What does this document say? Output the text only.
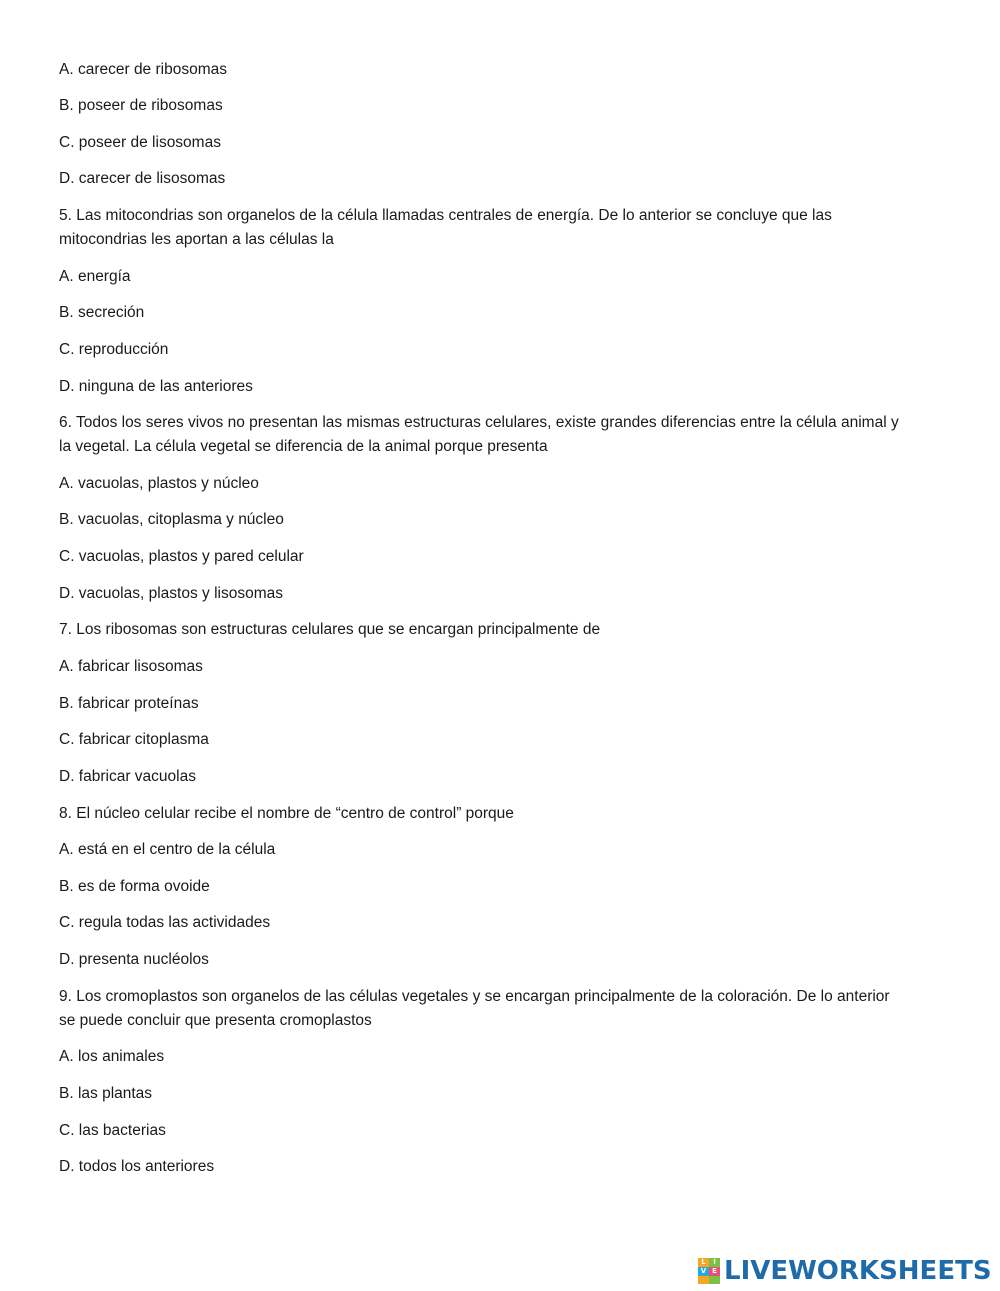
A. carecer de ribosomas
B. poseer de ribosomas
C. poseer de lisosomas
D. carecer de lisosomas
5. Las mitocondrias son organelos de la célula llamadas centrales de energía. De lo anterior se concluye que las
mitocondrias les aportan a las células la
A. energía
B. secreción
C. reproducción
D. ninguna de las anteriores
6. Todos los seres vivos no presentan las mismas estructuras celulares, existe grandes diferencias entre la célula animal y
la vegetal. La célula vegetal se diferencia de la animal porque presenta
A. vacuolas, plastos y núcleo
B. vacuolas, citoplasma y núcleo
C. vacuolas, plastos y pared celular
D. vacuolas, plastos y lisosomas
7. Los ribosomas son estructuras celulares que se encargan principalmente de
A. fabricar lisosomas
B. fabricar proteínas
C. fabricar citoplasma
D. fabricar vacuolas
8. El núcleo celular recibe el nombre de “centro de control” porque
A. está en el centro de la célula
B. es de forma ovoide
C. regula todas las actividades
D. presenta nucléolos
9. Los cromoplastos son organelos de las células vegetales y se encargan principalmente de la coloración. De lo anterior
se puede concluir que presenta cromoplastos
A. los animales
B. las plantas
C. las bacterias
D. todos los anteriores
L	I
V E LIVEWORKSHEETS
